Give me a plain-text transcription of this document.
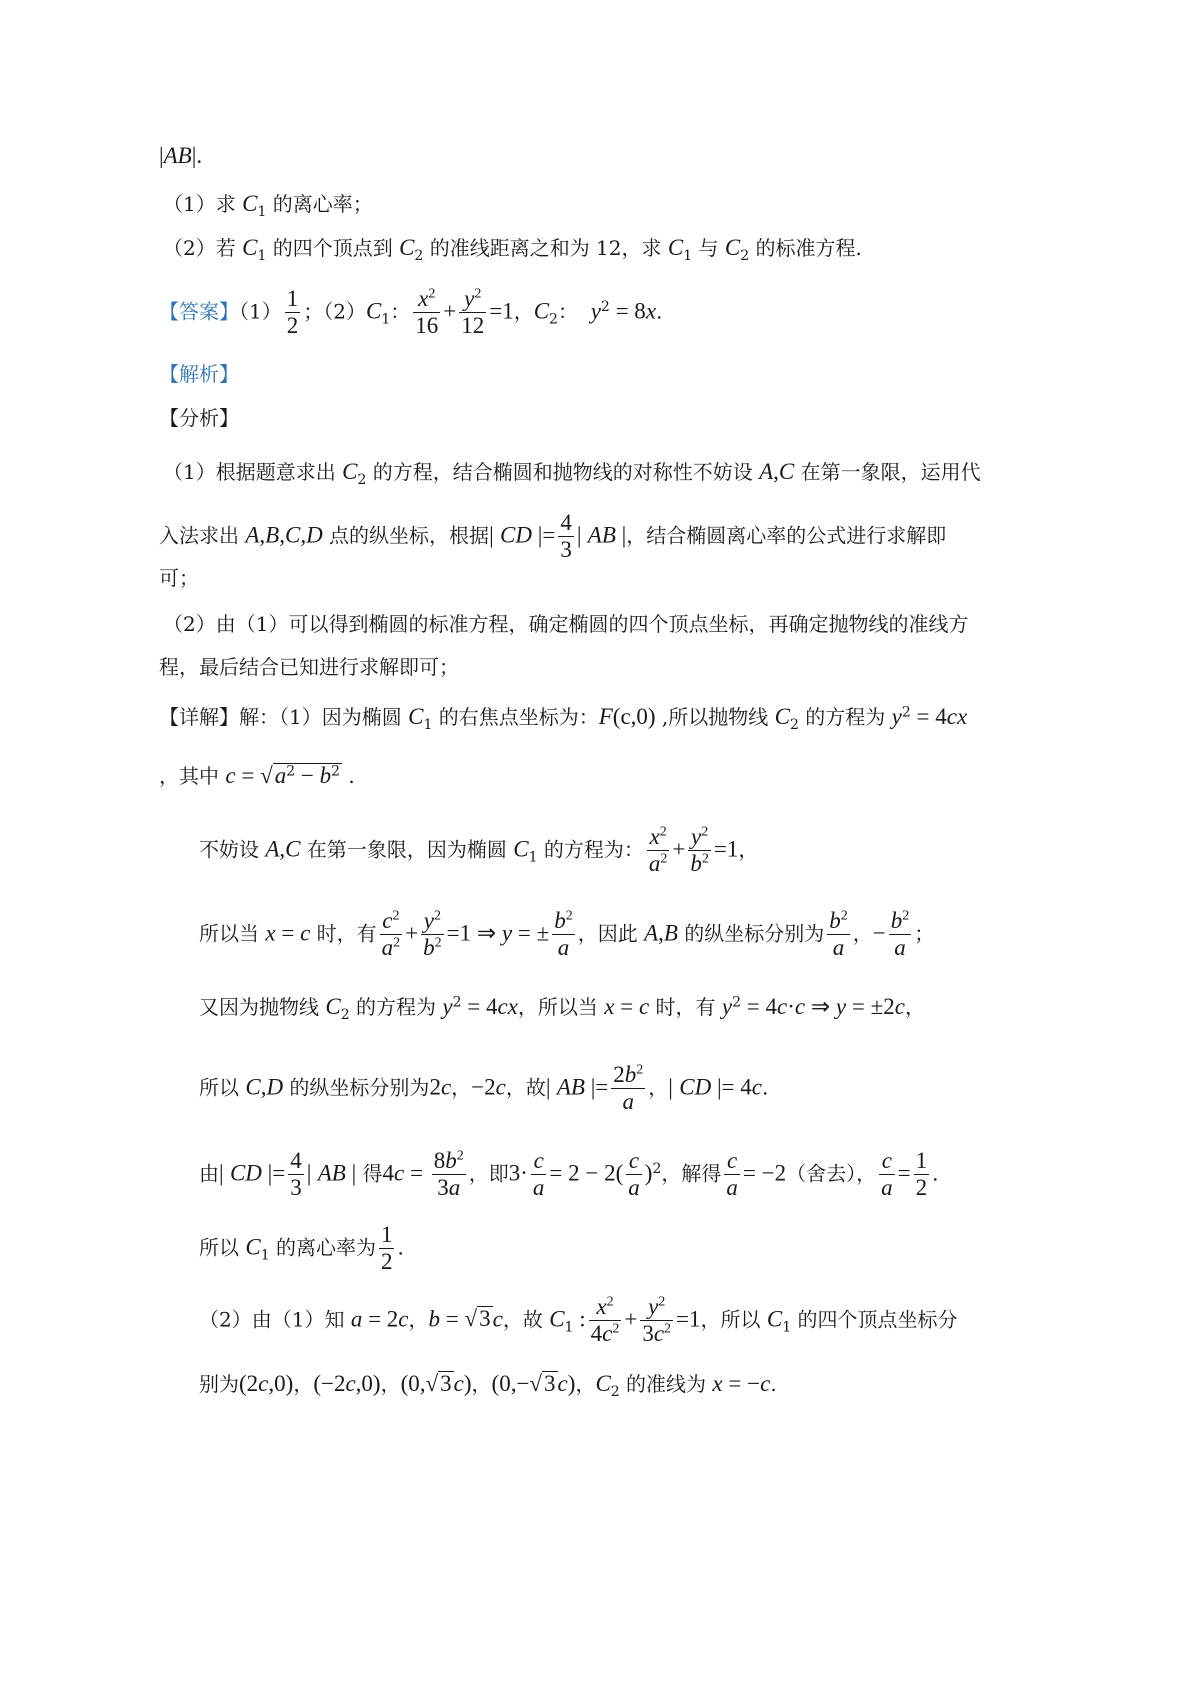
|AB|.
（1）求 $C_1$ 的离心率；
（2）若 $C_1$ 的四个顶点到 $C_2$ 的准线距离之和为 12，求 $C_1$ 与 $C_2$ 的标准方程.
【答案】$(1) \frac{1}{2}$ ；$(2)C_1$： $\frac{x^2}{16} + \frac{y^2}{12} =1$，$C_2$：  $y^2 = 8x$.
【解析】
【分析】
（1）根据题意求出 $C_2$ 的方程，结合椭圆和抛物线的对称性不妨设 A,C 在第一象限，运用代
入法求出 A,B,C,D 点的纵坐标，根据| CD |= $\frac{4}{3}$ | AB |，结合椭圆离心率的公式进行求解即
可；
（2）由（1）可以得到椭圆的标准方程，确定椭圆的四个顶点坐标，再确定抛物线的准线方
程，最后结合已知进行求解即可；
【详解】解：（1）因为椭圆 $C_1$ 的右焦点坐标为：F(c,0) ,所以抛物线 $C_2$ 的方程为 $y^2 = 4cx$
，其中 $c = √a^2 - b^2$ .
不妨设 A,C 在第一象限，因为椭圆 $C_1$ 的方程为： $\frac{x^2}{a^2} + \frac{y^2}{b^2} =1$，
所以当 x = c 时，有 $\frac{c^2}{a^2} + \frac{y^2}{b^2} =1$ ⇒ y = ± $\frac{b^2}{a}$ ，因此 A,B 的纵坐标分别为 $\frac{b^2}{a}$ ，− $\frac{b^2}{a}$ ；
又因为抛物线 $C_2$ 的方程为 $y^2 = 4cx$，所以当 x = c 时，有 $y^2 = 4c\cdot c$ ⇒ y = ±2c，
所以 C,D 的纵坐标分别为2c，−2c，故| AB |= $\frac{2b^2}{a}$ ，| CD |= 4c.
由| CD |= $\frac{4}{3}$ | AB | 得$4c = \frac{8b^2}{3a}$ ，即$3\cdot \frac{c}{a} = 2 - 2( \frac{c}{a} )^2$，解得 $\frac{c}{a} = -2$（舍去）， $\frac{c}{a} = \frac{1}{2}$ .
所以 $C_1$ 的离心率为 $\frac{1}{2}$ .
（2）由（1）知 a = 2c，b = √3c，故 $C_1$ : $\frac{x^2}{4c^2} + \frac{y^2}{3c^2} =1$，所以 $C_1$ 的四个顶点坐标分
别为(2c,0)，(−2c,0)，(0,√3c)，(0,−√3c)，$C_2$ 的准线为 x = −c.
